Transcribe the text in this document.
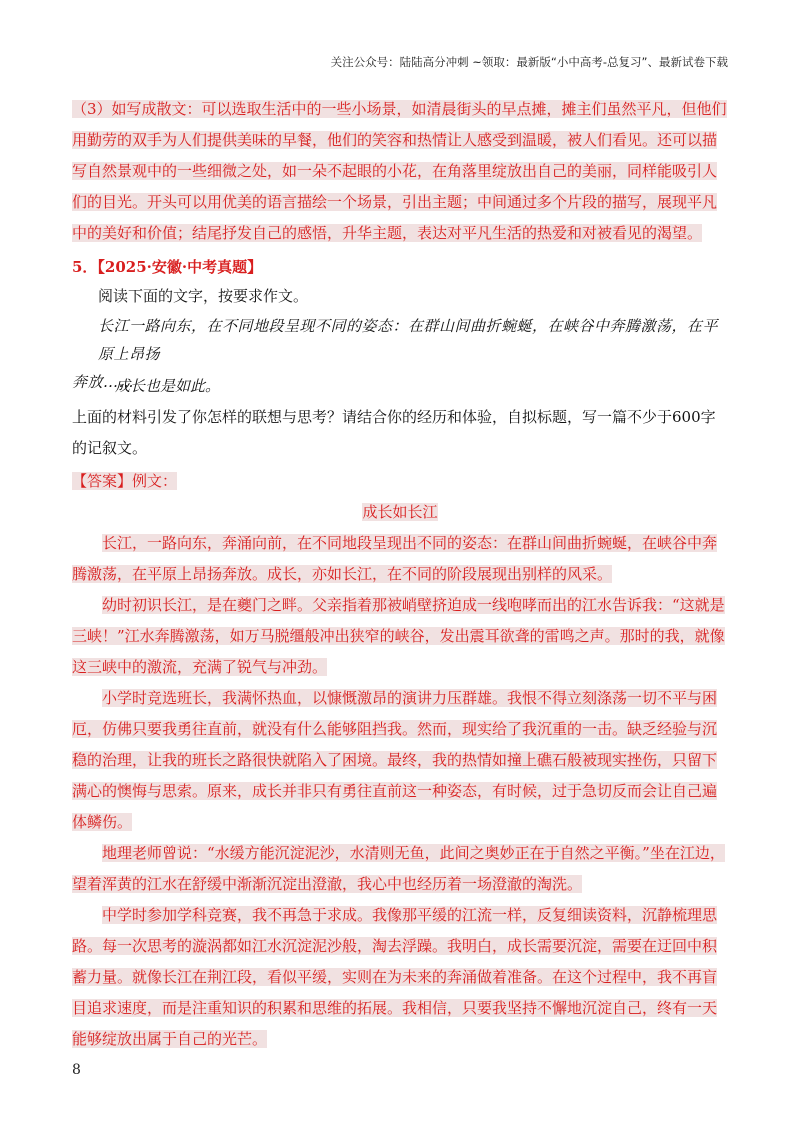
关注公众号：陆陆高分冲刺 ~领取：最新版“小中高考-总复习”、最新试卷下载
（3）如写成散文：可以选取生活中的一些小场景，如清晨街头的早点摊，摊主们虽然平凡，但他们用勤劳的双手为人们提供美味的早餐，他们的笑容和热情让人感受到温暖，被人们看见。还可以描写自然景观中的一些细微之处，如一朵不起眼的小花，在角落里绽放出自己的美丽，同样能吸引人们的目光。开头可以用优美的语言描绘一个场景，引出主题；中间通过多个片段的描写，展现平凡中的美好和价值；结尾抒发自己的感悟，升华主题，表达对平凡生活的热爱和对被看见的渴望。
5．【2025·安徽·中考真题】
阅读下面的文字，按要求作文。
长江一路向东，在不同地段呈现不同的姿态：在群山间曲折蜿蜒，在峡谷中奔腾激荡，在平原上昂扬
奔放……
成长也是如此。
上面的材料引发了你怎样的联想与思考？请结合你的经历和体验，自拟标题，写一篇不少于600字的记叙文。
【答案】例文：
成长如长江
长江，一路向东，奔涌向前，在不同地段呈现出不同的姿态：在群山间曲折蜿蜒，在峡谷中奔腾激荡，在平原上昂扬奔放。成长，亦如长江，在不同的阶段展现出别样的风采。
幼时初识长江，是在夔门之畔。父亲指着那被峭壁挤迫成一线咆哮而出的江水告诉我：“这就是三峡！”江水奔腾激荡，如万马脱缰般冲出狭窄的峡谷，发出震耳欲聋的雷鸣之声。那时的我，就像这三峡中的激流，充满了锐气与冲劲。
小学时竞选班长，我满怀热血，以慷慨激昂的演讲力压群雄。我恨不得立刻涤荡一切不平与困厄，仿佛只要我勇往直前，就没有什么能够阻挡我。然而，现实给了我沉重的一击。缺乏经验与沉稳的治理，让我的班长之路很快就陷入了困境。最终，我的热情如撞上礁石般被现实挫伤，只留下满心的懊悔与思索。原来，成长并非只有勇往直前这一种姿态，有时候，过于急切反而会让自己遍体鳞伤。
地理老师曾说：“水缓方能沉淀泥沙，水清则无鱼，此间之奥妙正在于自然之平衡。”坐在江边，望着浑黄的江水在舒缓中渐渐沉淀出澄澈，我心中也经历着一场澄澈的淘洗。
中学时参加学科竞赛，我不再急于求成。我像那平缓的江流一样，反复细读资料，沉静梳理思路。每一次思考的漩涡都如江水沉淀泥沙般，淘去浮躁。我明白，成长需要沉淀，需要在迂回中积蓄力量。就像长江在荆江段，看似平缓，实则在为未来的奔涌做着准备。在这个过程中，我不再盲目追求速度，而是注重知识的积累和思维的拓展。我相信，只要我坚持不懈地沉淀自己，终有一天能够绽放出属于自己的光芒。
8
